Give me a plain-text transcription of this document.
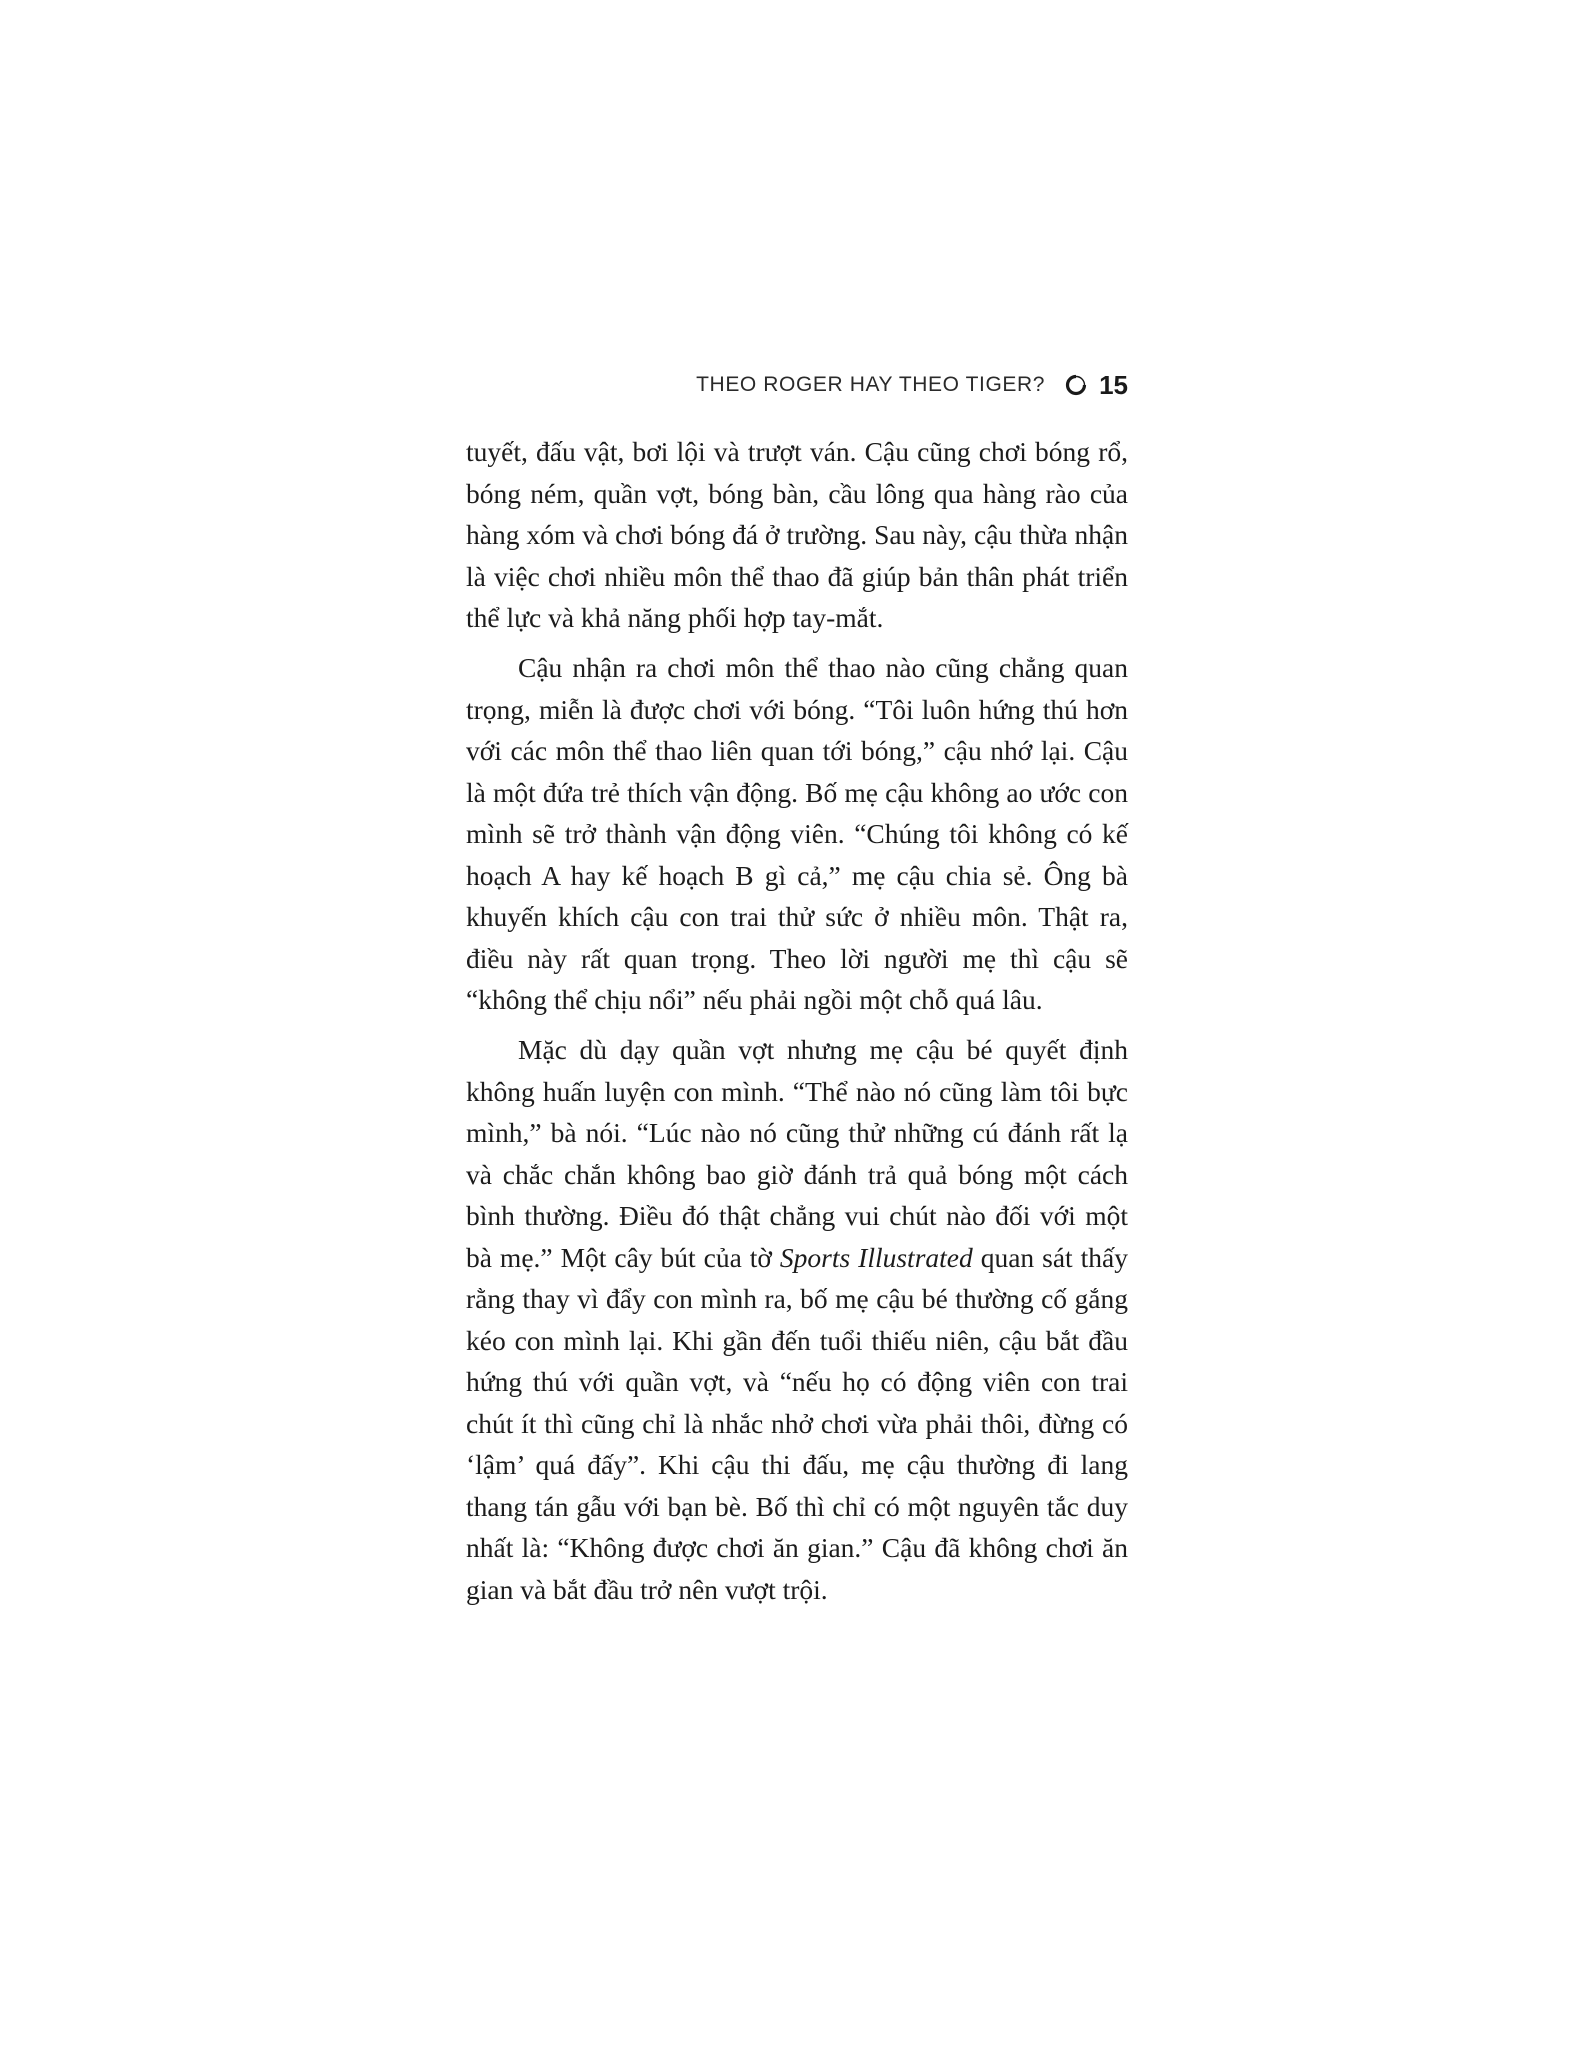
THEO ROGER HAY THEO TIGER? 15

tuyết, đấu vật, bơi lội và trượt ván. Cậu cũng chơi bóng rổ, bóng ném, quần vợt, bóng bàn, cầu lông qua hàng rào của hàng xóm và chơi bóng đá ở trường. Sau này, cậu thừa nhận là việc chơi nhiều môn thể thao đã giúp bản thân phát triển thể lực và khả năng phối hợp tay-mắt.

Cậu nhận ra chơi môn thể thao nào cũng chẳng quan trọng, miễn là được chơi với bóng. “Tôi luôn hứng thú hơn với các môn thể thao liên quan tới bóng,” cậu nhớ lại. Cậu là một đứa trẻ thích vận động. Bố mẹ cậu không ao ước con mình sẽ trở thành vận động viên. “Chúng tôi không có kế hoạch A hay kế hoạch B gì cả,” mẹ cậu chia sẻ. Ông bà khuyến khích cậu con trai thử sức ở nhiều môn. Thật ra, điều này rất quan trọng. Theo lời người mẹ thì cậu sẽ “không thể chịu nổi” nếu phải ngồi một chỗ quá lâu.

Mặc dù dạy quần vợt nhưng mẹ cậu bé quyết định không huấn luyện con mình. “Thể nào nó cũng làm tôi bực mình,” bà nói. “Lúc nào nó cũng thử những cú đánh rất lạ và chắc chắn không bao giờ đánh trả quả bóng một cách bình thường. Điều đó thật chẳng vui chút nào đối với một bà mẹ.” Một cây bút của tờ Sports Illustrated quan sát thấy rằng thay vì đẩy con mình ra, bố mẹ cậu bé thường cố gắng kéo con mình lại. Khi gần đến tuổi thiếu niên, cậu bắt đầu hứng thú với quần vợt, và “nếu họ có động viên con trai chút ít thì cũng chỉ là nhắc nhở chơi vừa phải thôi, đừng có ‘lậm’ quá đấy”. Khi cậu thi đấu, mẹ cậu thường đi lang thang tán gẫu với bạn bè. Bố thì chỉ có một nguyên tắc duy nhất là: “Không được chơi ăn gian.” Cậu đã không chơi ăn gian và bắt đầu trở nên vượt trội.
